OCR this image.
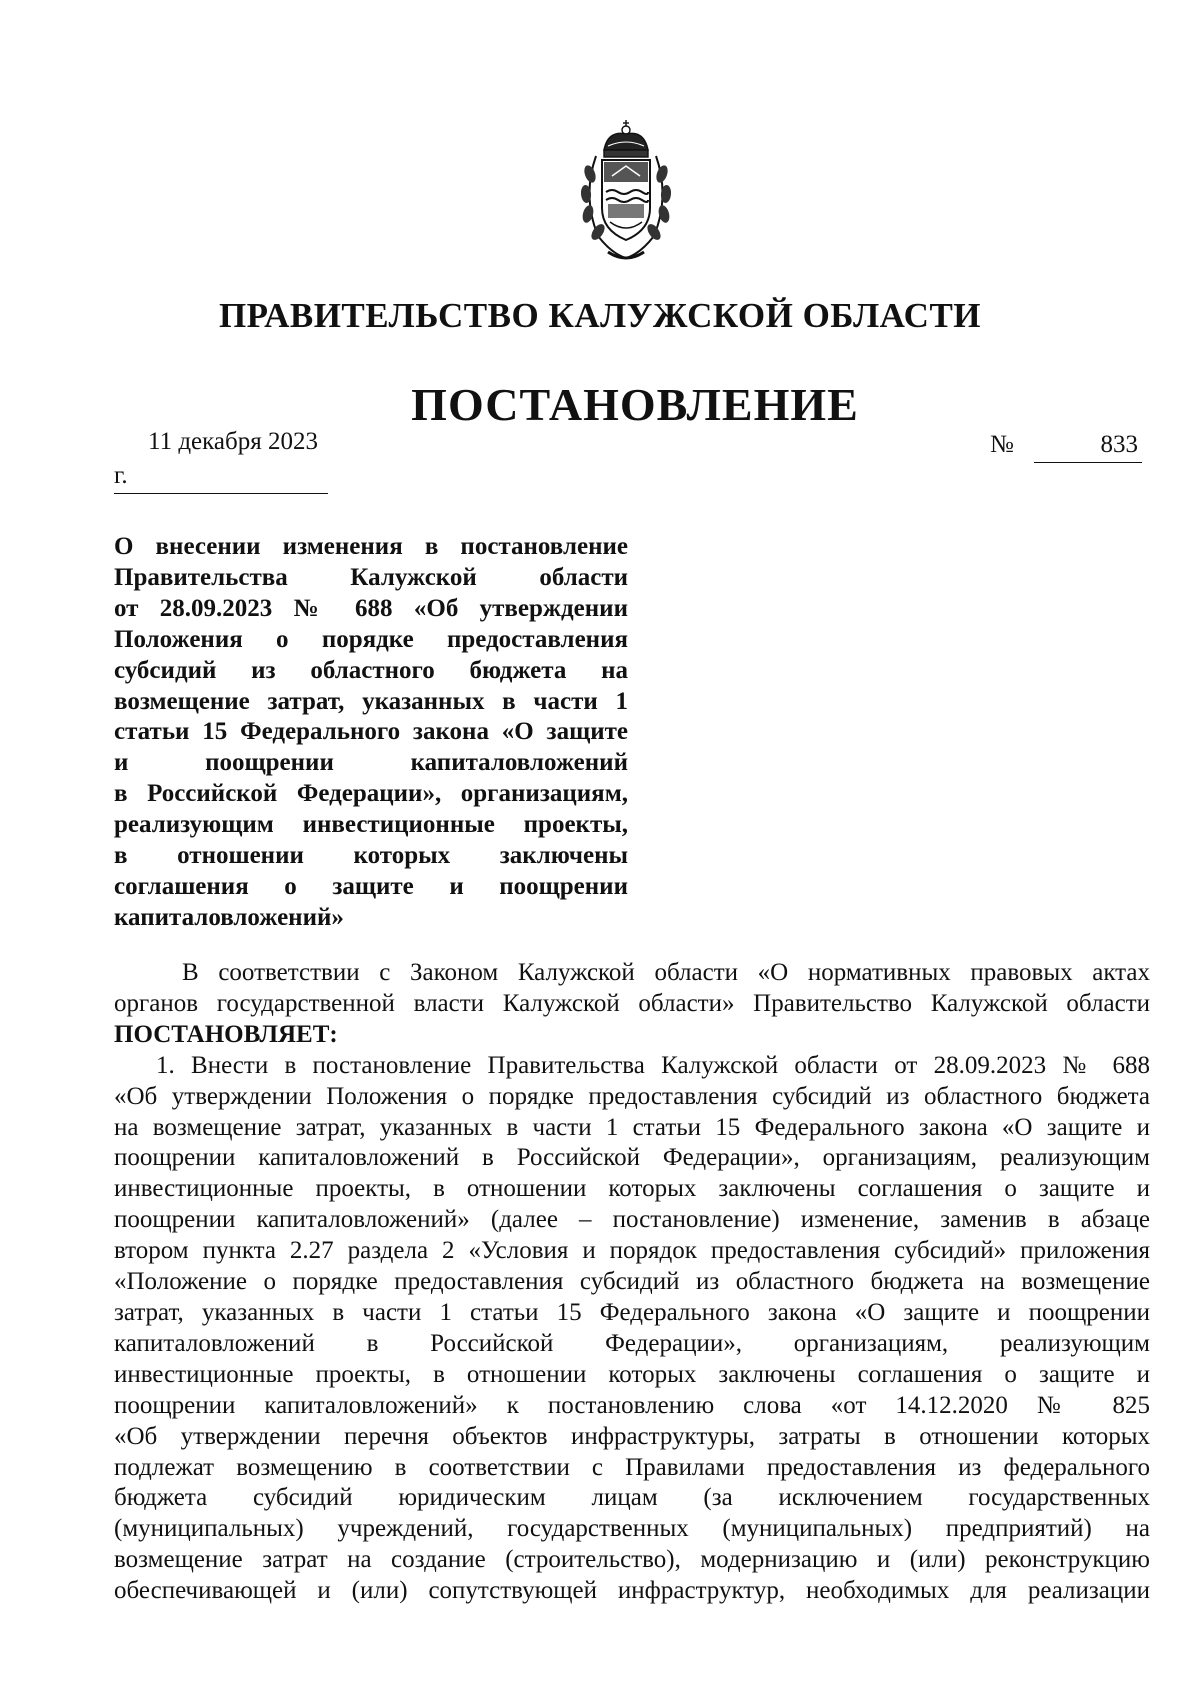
ПРАВИТЕЛЬСТВО КАЛУЖСКОЙ ОБЛАСТИ
ПОСТАНОВЛЕНИЕ
11 декабря 2023 г.
№	833
О внесении изменения в постановление
Правительства Калужской области
от 28.09.2023 № 688 «Об утверждении
Положения о порядке предоставления
субсидий из областного бюджета на
возмещение затрат, указанных в части 1
статьи 15 Федерального закона «О защите
и поощрении капиталовложений
в Российской Федерации», организациям,
реализующим инвестиционные проекты,
в отношении которых заключены
соглашения о защите и поощрении
капиталовложений»
В соответствии с Законом Калужской области «О нормативных правовых актах
органов государственной власти Калужской области» Правительство Калужской области
ПОСТАНОВЛЯЕТ:
1. Внести в постановление Правительства Калужской области от 28.09.2023 № 688
«Об утверждении Положения о порядке предоставления субсидий из областного бюджета
на возмещение затрат, указанных в части 1 статьи 15 Федерального закона «О защите и
поощрении капиталовложений в Российской Федерации», организациям, реализующим
инвестиционные проекты, в отношении которых заключены соглашения о защите и
поощрении капиталовложений» (далее – постановление) изменение, заменив в абзаце
втором пункта 2.27 раздела 2 «Условия и порядок предоставления субсидий» приложения
«Положение о порядке предоставления субсидий из областного бюджета на возмещение
затрат, указанных в части 1 статьи 15 Федерального закона «О защите и поощрении
капиталовложений в Российской Федерации», организациям, реализующим
инвестиционные проекты, в отношении которых заключены соглашения о защите и
поощрении капиталовложений» к постановлению слова «от 14.12.2020 № 825
«Об утверждении перечня объектов инфраструктуры, затраты в отношении которых
подлежат возмещению в соответствии с Правилами предоставления из федерального
бюджета субсидий юридическим лицам (за исключением государственных
(муниципальных) учреждений, государственных (муниципальных) предприятий) на
возмещение затрат на создание (строительство), модернизацию и (или) реконструкцию
обеспечивающей и (или) сопутствующей инфраструктур, необходимых для реализации
